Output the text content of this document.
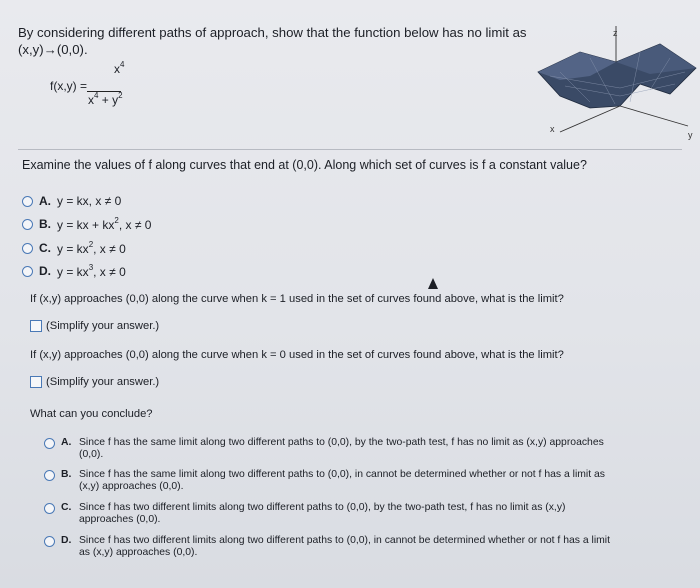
By considering different paths of approach, show that the function below has no limit as
(x,y)→(0,0).
f(x,y) =
$x^4$
$x^4 + y^2$
z
x
y
Examine the values of f along curves that end at (0,0). Along which set of curves is f a constant value?
A. y = kx, x ≠ 0
B. y = kx + $kx^2$, x ≠ 0
C. $y = kx^2$, x ≠ 0
D. $y = kx^3$, x ≠ 0
If (x,y) approaches (0,0) along the curve when k = 1 used in the set of curves found above, what is the limit?
(Simplify your answer.)
If (x,y) approaches (0,0) along the curve when k = 0 used in the set of curves found above, what is the limit?
(Simplify your answer.)
What can you conclude?
A. Since f has the same limit along two different paths to (0,0), by the two-path test, f has no limit as (x,y) approaches
(0,0).
B. Since f has the same limit along two different paths to (0,0), in cannot be determined whether or not f has a limit as
(x,y) approaches (0,0).
C. Since f has two different limits along two different paths to (0,0), by the two-path test, f has no limit as (x,y)
approaches (0,0).
D. Since f has two different limits along two different paths to (0,0), in cannot be determined whether or not f has a limit
as (x,y) approaches (0,0).
